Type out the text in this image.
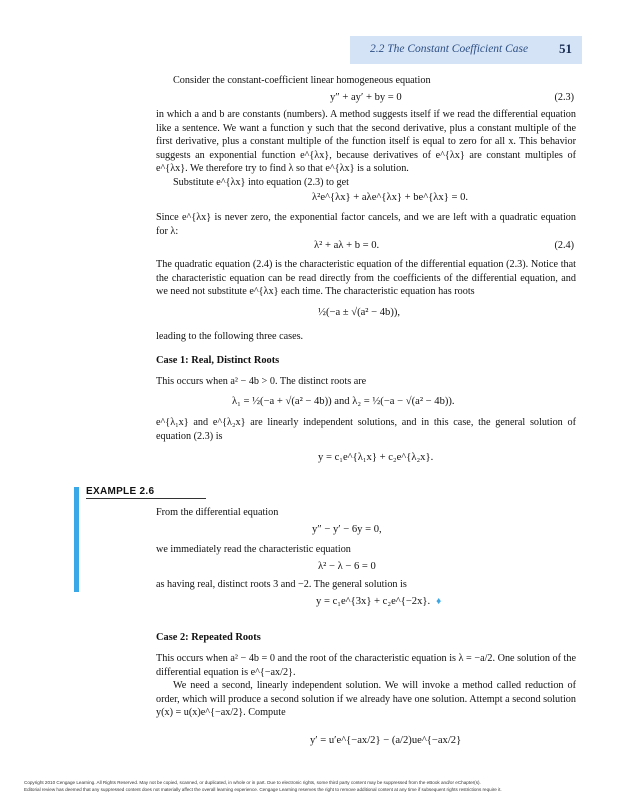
2.2 The Constant Coefficient Case 51

Consider the constant-coefficient linear homogeneous equation

y″ + ay′ + by = 0	(2.3)

in which a and b are constants (numbers). A method suggests itself if we read the differential equation like a sentence. We want a function y such that the second derivative, plus a constant multiple of the first derivative, plus a constant multiple of the function itself is equal to zero for all x. This behavior suggests an exponential function e^{λx}, because derivatives of e^{λx} are constant multiples of e^{λx}. We therefore try to find λ so that e^{λx} is a solution.

Substitute e^{λx} into equation (2.3) to get

λ²e^{λx} + aλe^{λx} + be^{λx} = 0.

Since e^{λx} is never zero, the exponential factor cancels, and we are left with a quadratic equation for λ:

λ² + aλ + b = 0.	(2.4)

The quadratic equation (2.4) is the characteristic equation of the differential equation (2.3). Notice that the characteristic equation can be read directly from the coefficients of the differential equation, and we need not substitute e^{λx} each time. The characteristic equation has roots

½(−a ± √(a² − 4b)),

leading to the following three cases.

Case 1: Real, Distinct Roots

This occurs when a² − 4b > 0. The distinct roots are

λ₁ = ½(−a + √(a² − 4b)) and λ₂ = ½(−a − √(a² − 4b)).

e^{λ₁x} and e^{λ₂x} are linearly independent solutions, and in this case, the general solution of equation (2.3) is

y = c₁e^{λ₁x} + c₂e^{λ₂x}.
EXAMPLE 2.6

From the differential equation

y″ − y′ − 6y = 0,

we immediately read the characteristic equation

λ² − λ − 6 = 0

as having real, distinct roots 3 and −2. The general solution is

y = c₁e^{3x} + c₂e^{−2x}. ♦
Case 2: Repeated Roots

This occurs when a² − 4b = 0 and the root of the characteristic equation is λ = −a/2. One solution of the differential equation is e^{−ax/2}.

We need a second, linearly independent solution. We will invoke a method called reduction of order, which will produce a second solution if we already have one solution. Attempt a second solution y(x) = u(x)e^{−ax/2}. Compute

y′ = u′e^{−ax/2} − (a/2)ue^{−ax/2}
Copyright 2010 Cengage Learning. All Rights Reserved. May not be copied, scanned, or duplicated, in whole or in part. Due to electronic rights, some third party content may be suppressed from the eBook and/or eChapter(s).
Editorial review has deemed that any suppressed content does not materially affect the overall learning experience. Cengage Learning reserves the right to remove additional content at any time if subsequent rights restrictions require it.
